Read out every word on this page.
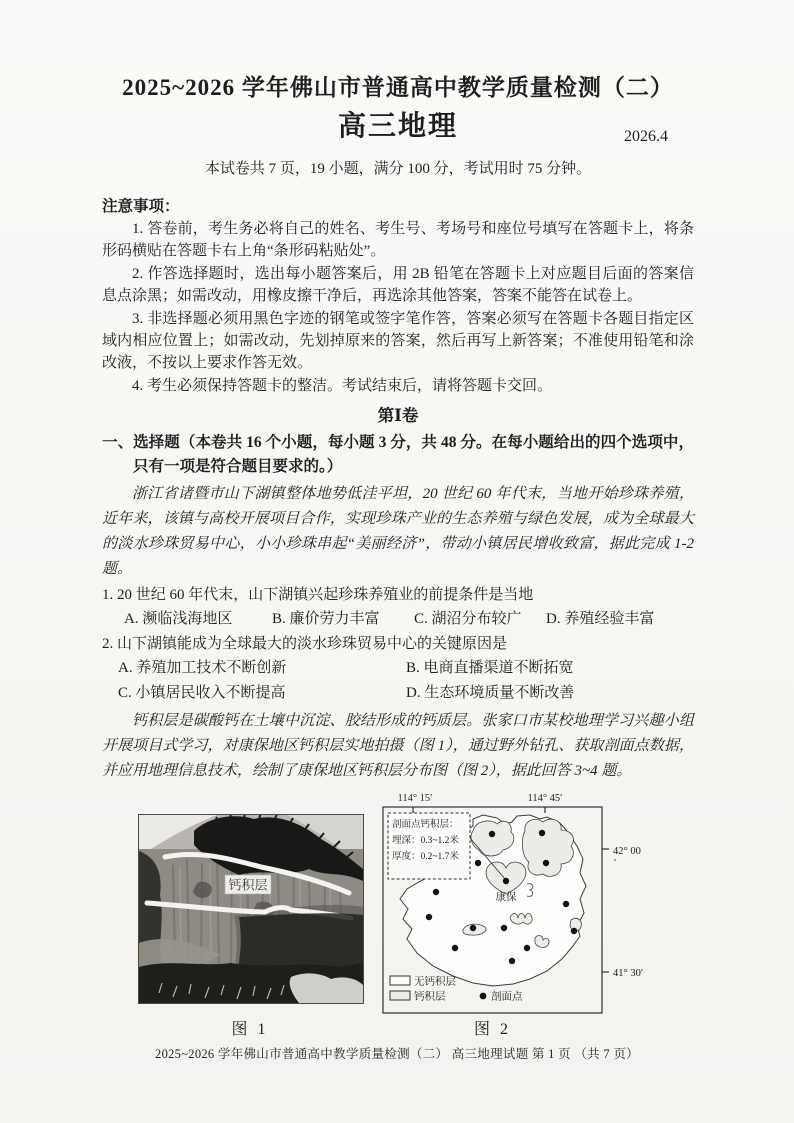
2025~2026 学年佛山市普通高中教学质量检测（二）
高三地理	2026.4
本试卷共 7 页，19 小题，满分 100 分，考试用时 75 分钟。
注意事项：

1. 答卷前，考生务必将自己的姓名、考生号、考场号和座位号填写在答题卡上，将条形码横贴在答题卡右上角“条形码粘贴处”。

2. 作答选择题时，选出每小题答案后，用 2B 铅笔在答题卡上对应题目后面的答案信息点涂黑；如需改动，用橡皮擦干净后，再选涂其他答案，答案不能答在试卷上。

3. 非选择题必须用黑色字迹的钢笔或签字笔作答，答案必须写在答题卡各题目指定区域内相应位置上；如需改动，先划掉原来的答案，然后再写上新答案；不准使用铅笔和涂改液，不按以上要求作答无效。

4. 考生必须保持答题卡的整洁。考试结束后，请将答题卡交回。

第Ⅰ卷

一、选择题（本卷共 16 个小题，每小题 3 分，共 48 分。在每小题给出的四个选项中，只有一项是符合题目要求的。）

浙江省诸暨市山下湖镇整体地势低洼平坦，20 世纪 60 年代末，当地开始珍珠养殖，近年来，该镇与高校开展项目合作，实现珍珠产业的生态养殖与绿色发展，成为全球最大的淡水珍珠贸易中心，小小珍珠串起“美丽经济”，带动小镇居民增收致富，据此完成 1-2 题。

1. 20 世纪 60 年代末，山下湖镇兴起珍珠养殖业的前提条件是当地

A. 濒临浅海地区	B. 廉价劳力丰富	C. 湖沼分布较广	D. 养殖经验丰富

2. 山下湖镇能成为全球最大的淡水珍珠贸易中心的关键原因是

A. 养殖加工技术不断创新	B. 电商直播渠道不断拓宽
C. 小镇居民收入不断提高	D. 生态环境质量不断改善

钙积层是碳酸钙在土壤中沉淀、胶结形成的钙质层。张家口市某校地理学习兴趣小组开展项目式学习，对康保地区钙积层实地拍摄（图 1），通过野外钻孔、获取剖面点数据，并应用地理信息技术，绘制了康保地区钙积层分布图（图 2），据此回答 3~4 题。

钙积层
图 1
114° 15′	114° 45′
42° 00
′
41° 30′
剖面点钙积层：
埋深：0.3~1.2米
厚度：0.2~1.7米
康保
无钙积层
钙积层	剖面点
图 2
2025~2026 学年佛山市普通高中教学质量检测（二） 高三地理试题 第 1 页 （共 7 页）
